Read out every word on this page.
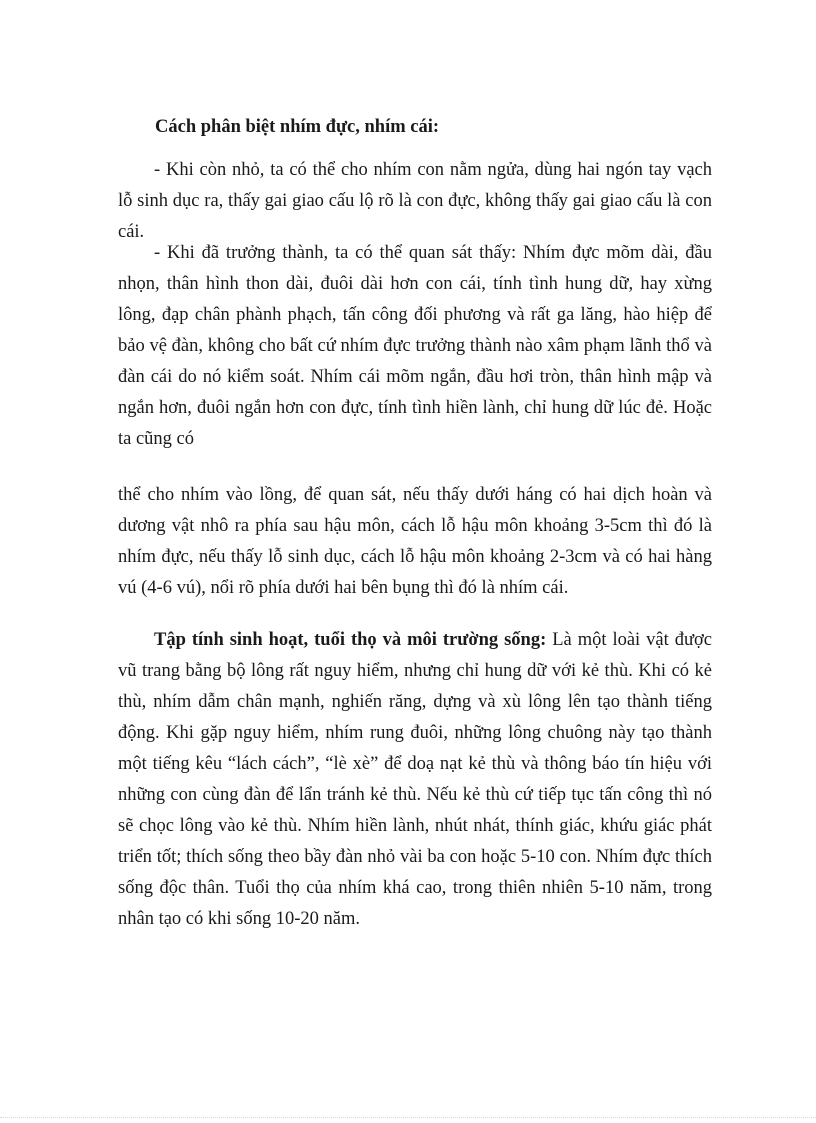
Cách phân biệt nhím đực, nhím cái:
- Khi còn nhỏ, ta có thể cho nhím con nằm ngửa, dùng hai ngón tay vạch lỗ sinh dục ra, thấy gai giao cấu lộ rõ là con đực, không thấy gai giao cấu là con cái.
- Khi đã trưởng thành, ta có thể quan sát thấy: Nhím đực mõm dài, đầu nhọn, thân hình thon dài, đuôi dài hơn con cái, tính tình hung dữ, hay xừng lông, đạp chân phành phạch, tấn công đối phương và rất ga lăng, hào hiệp để bảo vệ đàn, không cho bất cứ nhím đực trưởng thành nào xâm phạm lãnh thổ và đàn cái do nó kiểm soát. Nhím cái mõm ngắn, đầu hơi tròn, thân hình mập và ngắn hơn, đuôi ngắn hơn con đực, tính tình hiền lành, chỉ hung dữ lúc đẻ. Hoặc ta cũng có
thể cho nhím vào lồng, để quan sát, nếu thấy dưới háng có hai dịch hoàn và dương vật nhô ra phía sau hậu môn, cách lỗ hậu môn khoảng 3-5cm thì đó là nhím đực, nếu thấy lỗ sinh dục, cách lỗ hậu môn khoảng 2-3cm và có hai hàng vú (4-6 vú), nổi rõ phía dưới hai bên bụng thì đó là nhím cái.
Tập tính sinh hoạt, tuổi thọ và môi trường sống: Là một loài vật được vũ trang bằng bộ lông rất nguy hiểm, nhưng chỉ hung dữ với kẻ thù. Khi có kẻ thù, nhím dẫm chân mạnh, nghiến răng, dựng và xù lông lên tạo thành tiếng động. Khi gặp nguy hiểm, nhím rung đuôi, những lông chuông này tạo thành một tiếng kêu “lách cách”, “lè xè” để doạ nạt kẻ thù và thông báo tín hiệu với những con cùng đàn để lẩn tránh kẻ thù. Nếu kẻ thù cứ tiếp tục tấn công thì nó sẽ chọc lông vào kẻ thù. Nhím hiền lành, nhút nhát, thính giác, khứu giác phát triển tốt; thích sống theo bầy đàn nhỏ vài ba con hoặc 5-10 con. Nhím đực thích sống độc thân. Tuổi thọ của nhím khá cao, trong thiên nhiên 5-10 năm, trong nhân tạo có khi sống 10-20 năm.
